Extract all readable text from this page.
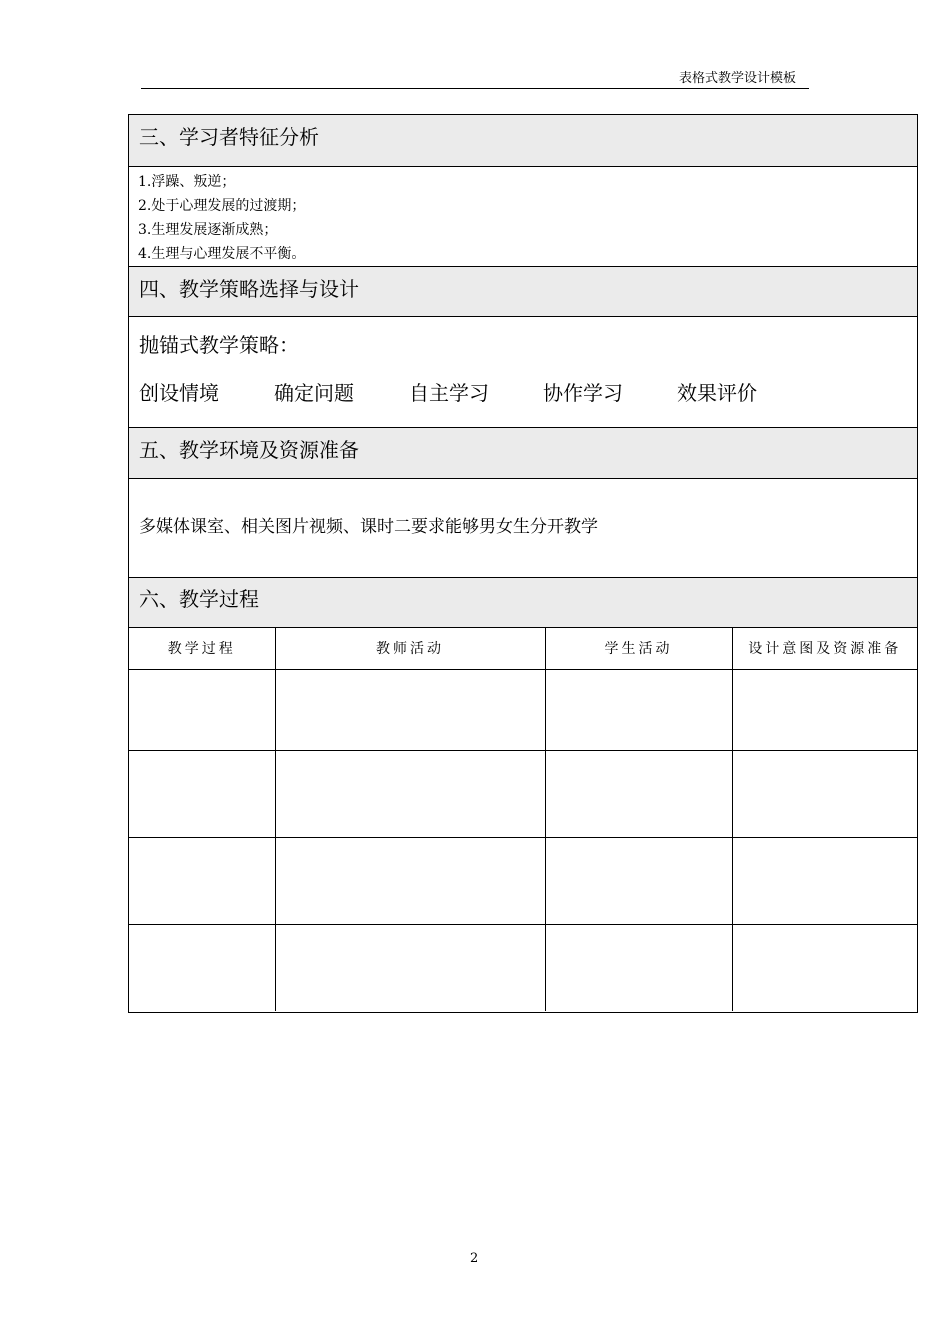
表格式教学设计模板
三、学习者特征分析
1.浮躁、叛逆；
2.处于心理发展的过渡期；
3.生理发展逐渐成熟；
4.生理与心理发展不平衡。
四、教学策略选择与设计
抛锚式教学策略：
创设情境	确定问题	自主学习	协作学习	效果评价
五、教学环境及资源准备
多媒体课室、相关图片视频、课时二要求能够男女生分开教学
六、教学过程
教学过程	教师活动	学生活动	设计意图及资源准备

2
